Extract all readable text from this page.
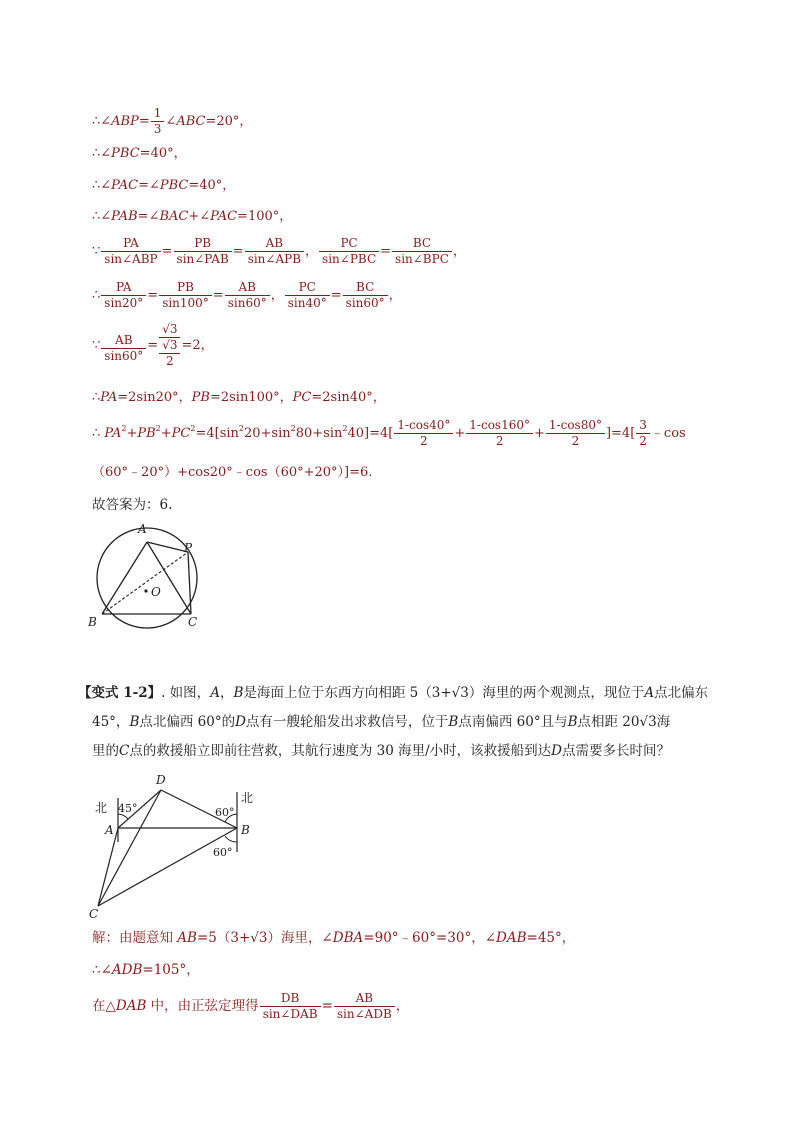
∴∠ABP= $\frac{1}{3}$ ∠ABC=20°，
∴∠PBC=40°，
∴∠PAC=∠PBC=40°，
∴∠PAB=∠BAC+∠PAC=100°，
∵ $\frac{PA}{\text{sin∠ABP}} = \frac{PB}{\text{sin∠PAB}} = \frac{AB}{\text{sin∠APB}}$ ， $\frac{PC}{\text{sin∠PBC}} = \frac{BC}{\text{sin∠BPC}}$ ，
∴ $\frac{PA}{\sin 20^\circ} = \frac{PB}{\sin 100^\circ} = \frac{AB}{\sin 60^\circ}$ ， $\frac{PC}{\sin 40^\circ} = \frac{BC}{\sin 60^\circ}$ ，
∵ $\frac{AB}{\sin 60^\circ}$ =
√3
√3
2
=2，
∴PA=2sin20°，PB=2sin100°，PC=2sin40°，
∴ $PA^2+PB^2+PC^2=4[\sin^220+\sin^280+\sin^240]=4[ \frac{1-\cos 40^\circ}{2} + \frac{1-\cos 160^\circ}{2} + \frac{1-\cos 80^\circ}{2} ]=4[ \frac{3}{2}$ ﹣cos
（60°﹣20°）+cos20°﹣cos（60°+20°）]=6.
故答案为：6.
A
P
O
B	C
【变式 1-2】. 如图，A，B是海面上位于东西方向相距 5（3+√3）海里的两个观测点，现位于A点北偏东
45°，B点北偏西 60°的D点有一艘轮船发出求救信号，位于B点南偏西 60°且与B点相距 20√3海
里的C点的救援船立即前往营救，其航行速度为 30 海里/小时，该救援船到达D点需要多长时间？
D
北 45°	60°
北
A	B
60°
C
解：由题意知 AB=5（3+√3）海里，∠DBA=90°﹣60°=30°，∠DAB=45°，
∴∠ADB=105°，
在△DAB 中，由正弦定理得 $\frac{DB}{\text{sin∠DAB}} = \frac{AB}{\text{sin∠ADB}}$ ，
